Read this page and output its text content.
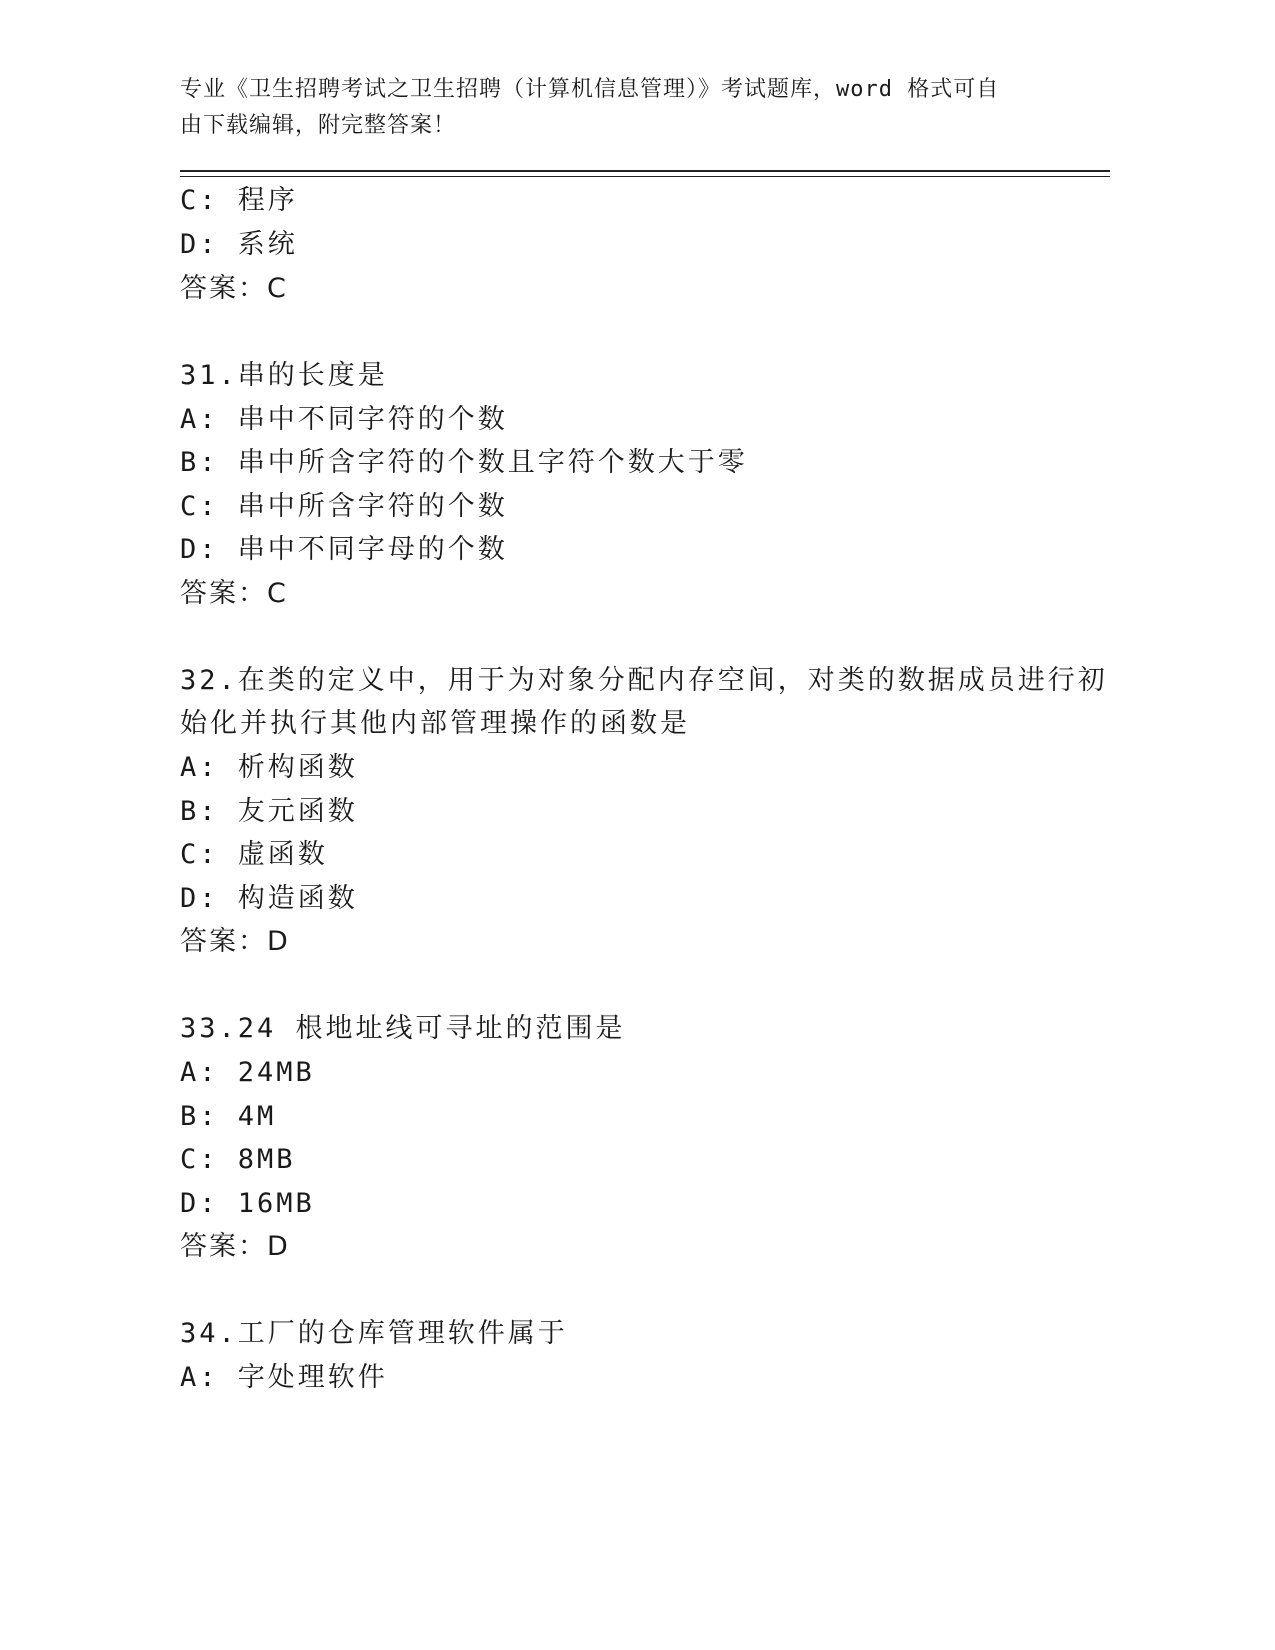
专业《卫生招聘考试之卫生招聘（计算机信息管理）》考试题库，word 格式可自
由下载编辑，附完整答案！
C: 程序
D: 系统
答案：C
31.串的长度是
A: 串中不同字符的个数
B: 串中所含字符的个数且字符个数大于零
C: 串中所含字符的个数
D: 串中不同字母的个数
答案：C
32.在类的定义中，用于为对象分配内存空间，对类的数据成员进行初
始化并执行其他内部管理操作的函数是
A: 析构函数
B: 友元函数
C: 虚函数
D: 构造函数
答案：D
33.24 根地址线可寻址的范围是
A: 24MB
B: 4M
C: 8MB
D: 16MB
答案：D
34.工厂的仓库管理软件属于
A: 字处理软件
